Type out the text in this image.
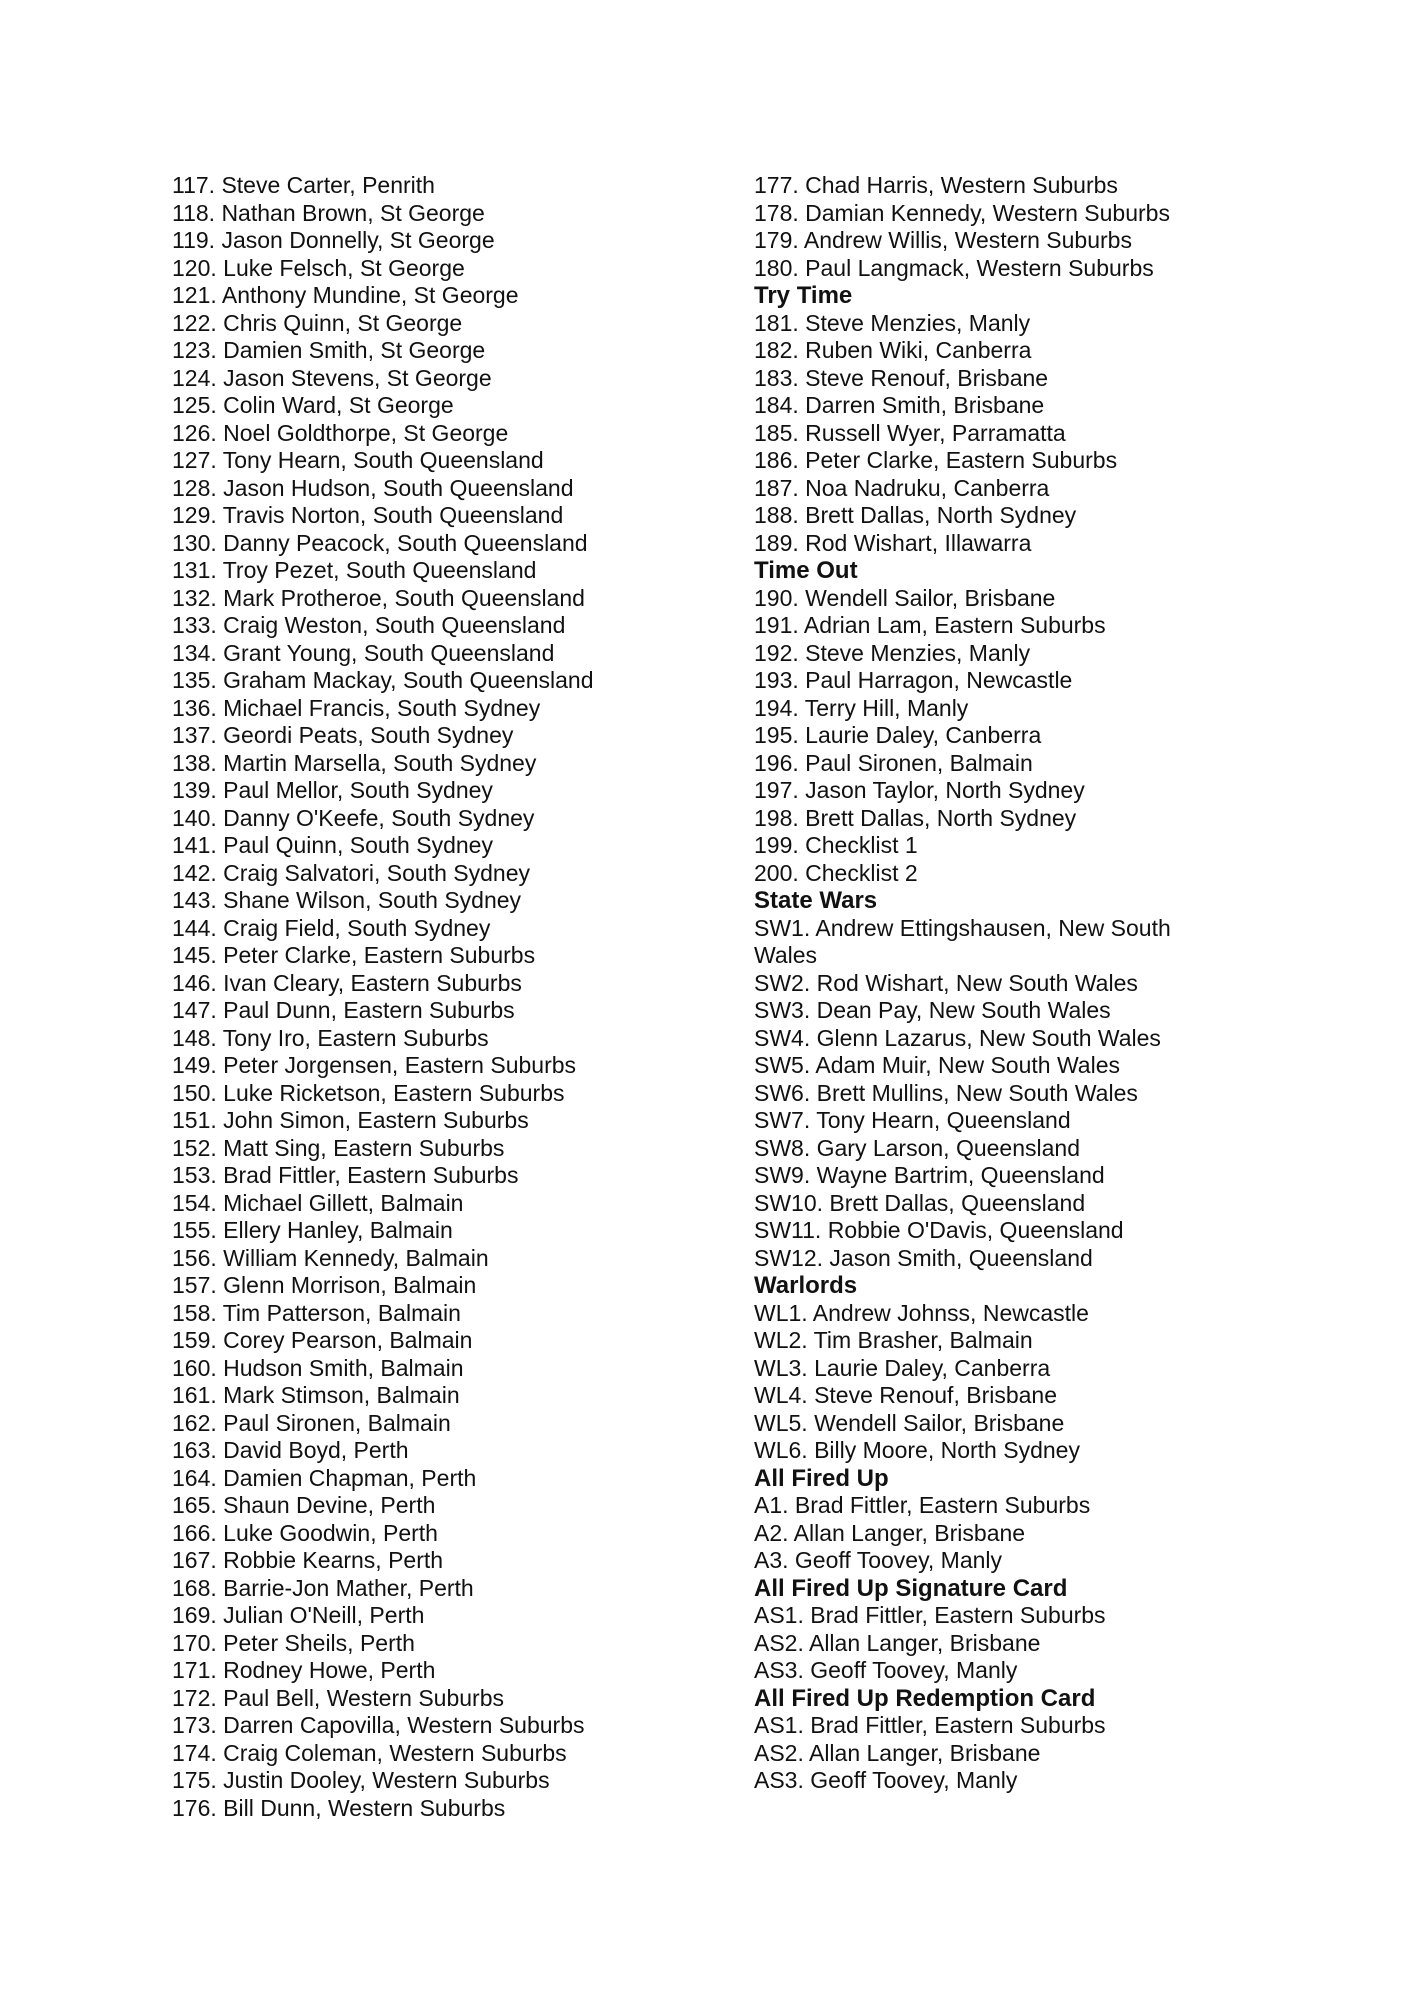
117. Steve Carter, Penrith
118. Nathan Brown, St George
119. Jason Donnelly, St George
120. Luke Felsch, St George
121. Anthony Mundine, St George
122. Chris Quinn, St George
123. Damien Smith, St George
124. Jason Stevens, St George
125. Colin Ward, St George
126. Noel Goldthorpe, St George
127. Tony Hearn, South Queensland
128. Jason Hudson, South Queensland
129. Travis Norton, South Queensland
130. Danny Peacock, South Queensland
131. Troy Pezet, South Queensland
132. Mark Protheroe, South Queensland
133. Craig Weston, South Queensland
134. Grant Young, South Queensland
135. Graham Mackay, South Queensland
136. Michael Francis, South Sydney
137. Geordi Peats, South Sydney
138. Martin Marsella, South Sydney
139. Paul Mellor, South Sydney
140. Danny O'Keefe, South Sydney
141. Paul Quinn, South Sydney
142. Craig Salvatori, South Sydney
143. Shane Wilson, South Sydney
144. Craig Field, South Sydney
145. Peter Clarke, Eastern Suburbs
146. Ivan Cleary, Eastern Suburbs
147. Paul Dunn, Eastern Suburbs
148. Tony Iro, Eastern Suburbs
149. Peter Jorgensen, Eastern Suburbs
150. Luke Ricketson, Eastern Suburbs
151. John Simon, Eastern Suburbs
152. Matt Sing, Eastern Suburbs
153. Brad Fittler, Eastern Suburbs
154. Michael Gillett, Balmain
155. Ellery Hanley, Balmain
156. William Kennedy, Balmain
157. Glenn Morrison, Balmain
158. Tim Patterson, Balmain
159. Corey Pearson, Balmain
160. Hudson Smith, Balmain
161. Mark Stimson, Balmain
162. Paul Sironen, Balmain
163. David Boyd, Perth
164. Damien Chapman, Perth
165. Shaun Devine, Perth
166. Luke Goodwin, Perth
167. Robbie Kearns, Perth
168. Barrie-Jon Mather, Perth
169. Julian O'Neill, Perth
170. Peter Sheils, Perth
171. Rodney Howe, Perth
172. Paul Bell, Western Suburbs
173. Darren Capovilla, Western Suburbs
174. Craig Coleman, Western Suburbs
175. Justin Dooley, Western Suburbs
176. Bill Dunn, Western Suburbs
177. Chad Harris, Western Suburbs
178. Damian Kennedy, Western Suburbs
179. Andrew Willis, Western Suburbs
180. Paul Langmack, Western Suburbs
Try Time
181. Steve Menzies, Manly
182. Ruben Wiki, Canberra
183. Steve Renouf, Brisbane
184. Darren Smith, Brisbane
185. Russell Wyer, Parramatta
186. Peter Clarke, Eastern Suburbs
187. Noa Nadruku, Canberra
188. Brett Dallas, North Sydney
189. Rod Wishart, Illawarra
Time Out
190. Wendell Sailor, Brisbane
191. Adrian Lam, Eastern Suburbs
192. Steve Menzies, Manly
193. Paul Harragon, Newcastle
194. Terry Hill, Manly
195. Laurie Daley, Canberra
196. Paul Sironen, Balmain
197. Jason Taylor, North Sydney
198. Brett Dallas, North Sydney
199. Checklist 1
200. Checklist 2
State Wars
SW1. Andrew Ettingshausen, New South Wales
SW2. Rod Wishart, New South Wales
SW3. Dean Pay, New South Wales
SW4. Glenn Lazarus, New South Wales
SW5. Adam Muir, New South Wales
SW6. Brett Mullins, New South Wales
SW7. Tony Hearn, Queensland
SW8. Gary Larson, Queensland
SW9. Wayne Bartrim, Queensland
SW10. Brett Dallas, Queensland
SW11. Robbie O'Davis, Queensland
SW12. Jason Smith, Queensland
Warlords
WL1. Andrew Johnss, Newcastle
WL2. Tim Brasher, Balmain
WL3. Laurie Daley, Canberra
WL4. Steve Renouf, Brisbane
WL5. Wendell Sailor, Brisbane
WL6. Billy Moore, North Sydney
All Fired Up
A1. Brad Fittler, Eastern Suburbs
A2. Allan Langer, Brisbane
A3. Geoff Toovey, Manly
All Fired Up Signature Card
AS1. Brad Fittler, Eastern Suburbs
AS2. Allan Langer, Brisbane
AS3. Geoff Toovey, Manly
All Fired Up Redemption Card
AS1. Brad Fittler, Eastern Suburbs
AS2. Allan Langer, Brisbane
AS3. Geoff Toovey, Manly
